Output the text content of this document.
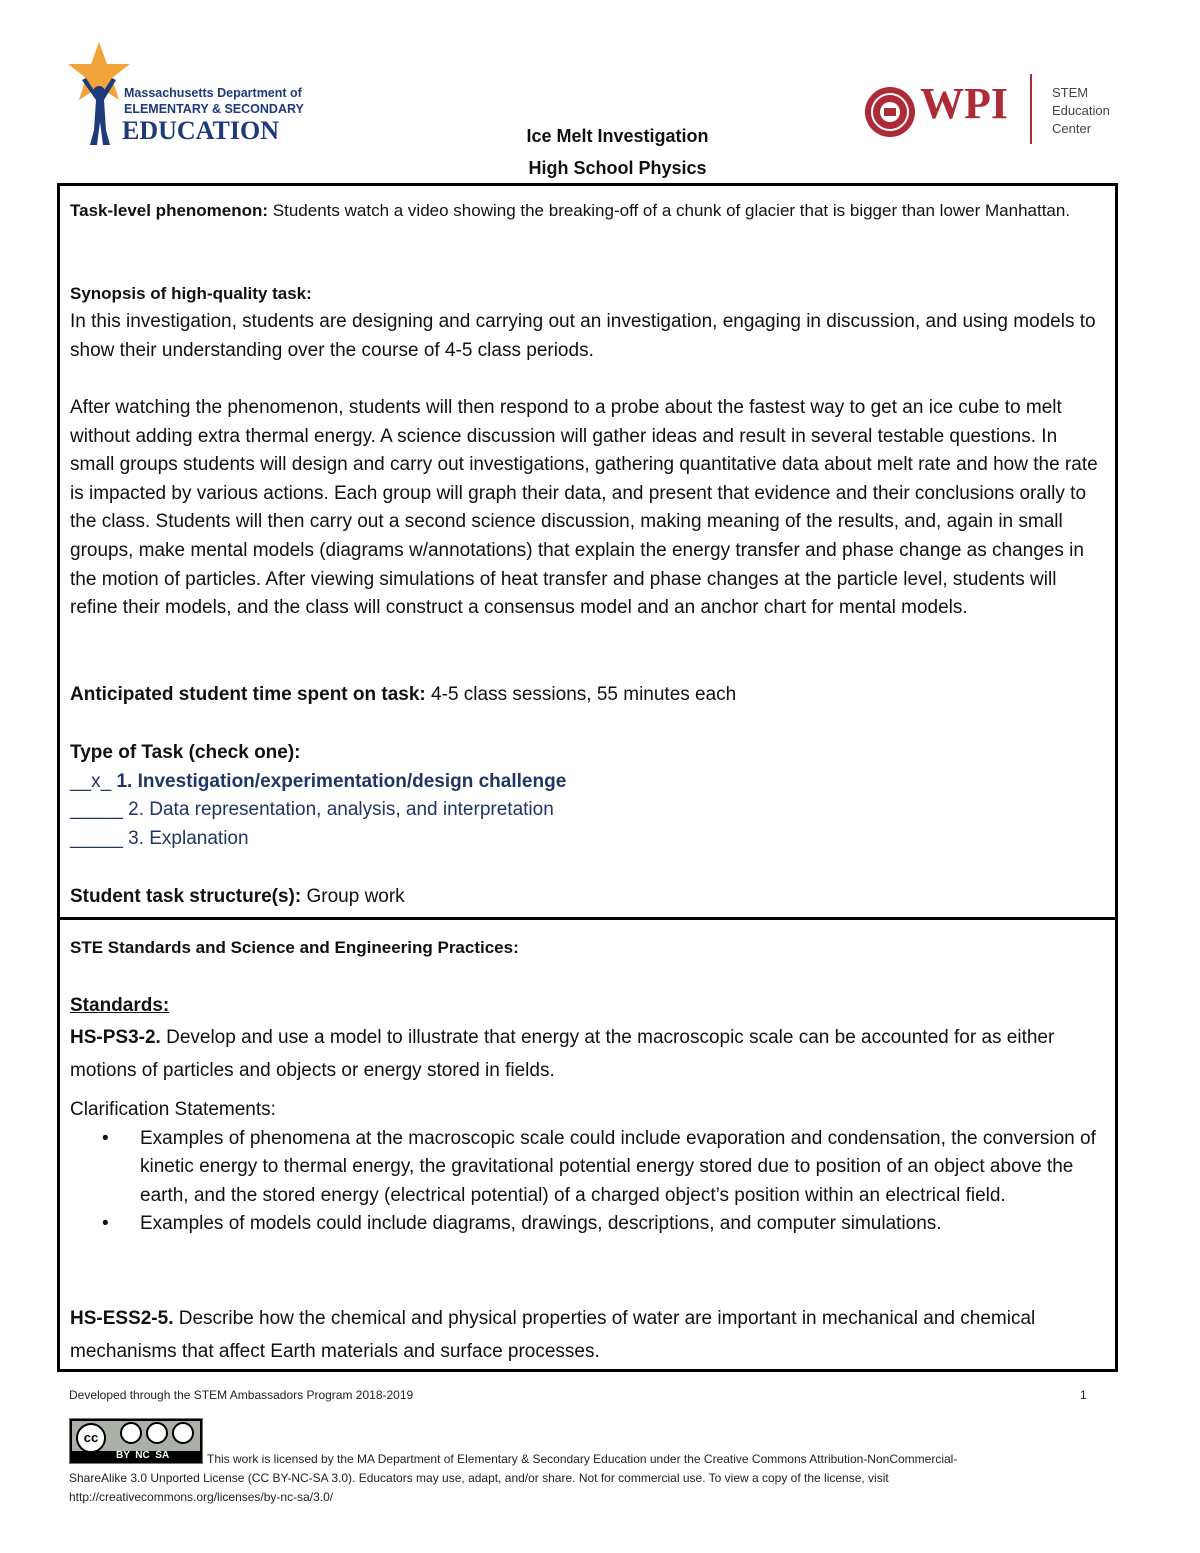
Massachusetts Department of
ELEMENTARY & SECONDARY
EDUCATION
WPI	STEM
Education
Center
Ice Melt Investigation
High School Physics

Task-level phenomenon: Students watch a video showing the breaking-off of a chunk of glacier that is bigger than lower Manhattan.

Synopsis of high-quality task:

In this investigation, students are designing and carrying out an investigation, engaging in discussion, and using models to show their understanding over the course of 4-5 class periods.

After watching the phenomenon, students will then respond to a probe about the fastest way to get an ice cube to melt without adding extra thermal energy. A science discussion will gather ideas and result in several testable questions. In small groups students will design and carry out investigations, gathering quantitative data about melt rate and how the rate is impacted by various actions. Each group will graph their data, and present that evidence and their conclusions orally to the class. Students will then carry out a second science discussion, making meaning of the results, and, again in small groups, make mental models (diagrams w/annotations) that explain the energy transfer and phase change as changes in the motion of particles. After viewing simulations of heat transfer and phase changes at the particle level, students will refine their models, and the class will construct a consensus model and an anchor chart for mental models.

Anticipated student time spent on task: 4-5 class sessions, 55 minutes each

Type of Task (check one):

__x_ 1. Investigation/experimentation/design challenge

_____ 2. Data representation, analysis, and interpretation

_____ 3. Explanation

Student task structure(s): Group work

STE Standards and Science and Engineering Practices:

Standards:

HS-PS3-2. Develop and use a model to illustrate that energy at the macroscopic scale can be accounted for as either motions of particles and objects or energy stored in fields.

Clarification Statements:

• Examples of phenomena at the macroscopic scale could include evaporation and condensation, the conversion of kinetic energy to thermal energy, the gravitational potential energy stored due to position of an object above the earth, and the stored energy (electrical potential) of a charged object’s position within an electrical field.
• Examples of models could include diagrams, drawings, descriptions, and computer simulations.

HS-ESS2-5. Describe how the chemical and physical properties of water are important in mechanical and chemical mechanisms that affect Earth materials and surface processes.

Developed through the STEM Ambassadors Program 2018-2019	1
cc
BY  NC  SA	This work is licensed by the MA Department of Elementary & Secondary Education under the Creative Commons Attribution-NonCommercial-
ShareAlike 3.0 Unported License (CC BY-NC-SA 3.0). Educators may use, adapt, and/or share. Not for commercial use. To view a copy of the license, visit
http://creativecommons.org/licenses/by-nc-sa/3.0/
